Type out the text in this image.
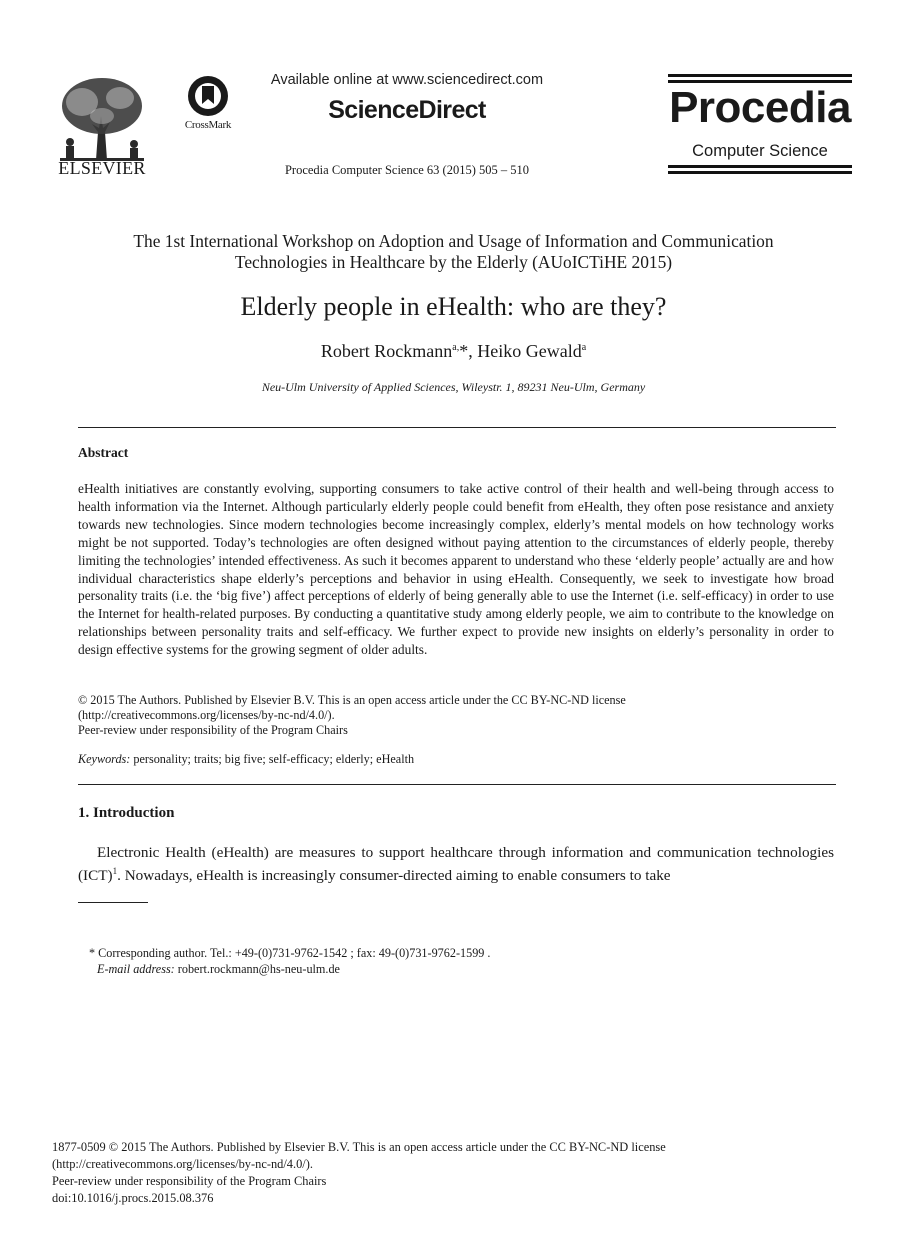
ELSEVIER
CrossMark
Available online at www.sciencedirect.com
ScienceDirect
Procedia Computer Science 63 (2015) 505 – 510
Procedia
Computer Science
The 1st International Workshop on Adoption and Usage of Information and Communication
Technologies in Healthcare by the Elderly (AUoICTiHE 2015)
Elderly people in eHealth: who are they?
Robert Rockmann$^{a,}$*, Heiko Gewald$^a$
Neu-Ulm University of Applied Sciences, Wileystr. 1, 89231 Neu-Ulm, Germany
Abstract
eHealth initiatives are constantly evolving, supporting consumers to take active control of their health and well-being through access to health information via the Internet. Although particularly elderly people could benefit from eHealth, they often pose resistance and anxiety towards new technologies. Since modern technologies become increasingly complex, elderly’s mental models on how technology works might be not supported. Today’s technologies are often designed without paying attention to the circumstances of elderly people, thereby limiting the technologies’ intended effectiveness. As such it becomes apparent to understand who these ‘elderly people’ actually are and how individual characteristics shape elderly’s perceptions and behavior in using eHealth. Consequently, we seek to investigate how broad personality traits (i.e. the ‘big five’) affect perceptions of elderly of being generally able to use the Internet (i.e. self-efficacy) in order to use the Internet for health-related purposes. By conducting a quantitative study among elderly people, we aim to contribute to the knowledge on relationships between personality traits and self-efficacy. We further expect to provide new insights on elderly’s personality in order to design effective systems for the growing segment of older adults.
© 2015 The Authors. Published by Elsevier B.V. This is an open access article under the CC BY-NC-ND license
(http://creativecommons.org/licenses/by-nc-nd/4.0/).
Peer-review under responsibility of the Program Chairs
Keywords: personality; traits; big five; self-efficacy; elderly; eHealth
1. Introduction
Electronic Health (eHealth) are measures to support healthcare through information and communication technologies (ICT)$^1$. Nowadays, eHealth is increasingly consumer-directed aiming to enable consumers to take
* Corresponding author. Tel.: +49-(0)731-9762-1542 ; fax: 49-(0)731-9762-1599 .
E-mail address: robert.rockmann@hs-neu-ulm.de
1877-0509 © 2015 The Authors. Published by Elsevier B.V. This is an open access article under the CC BY-NC-ND license
(http://creativecommons.org/licenses/by-nc-nd/4.0/).
Peer-review under responsibility of the Program Chairs
doi:10.1016/j.procs.2015.08.376
